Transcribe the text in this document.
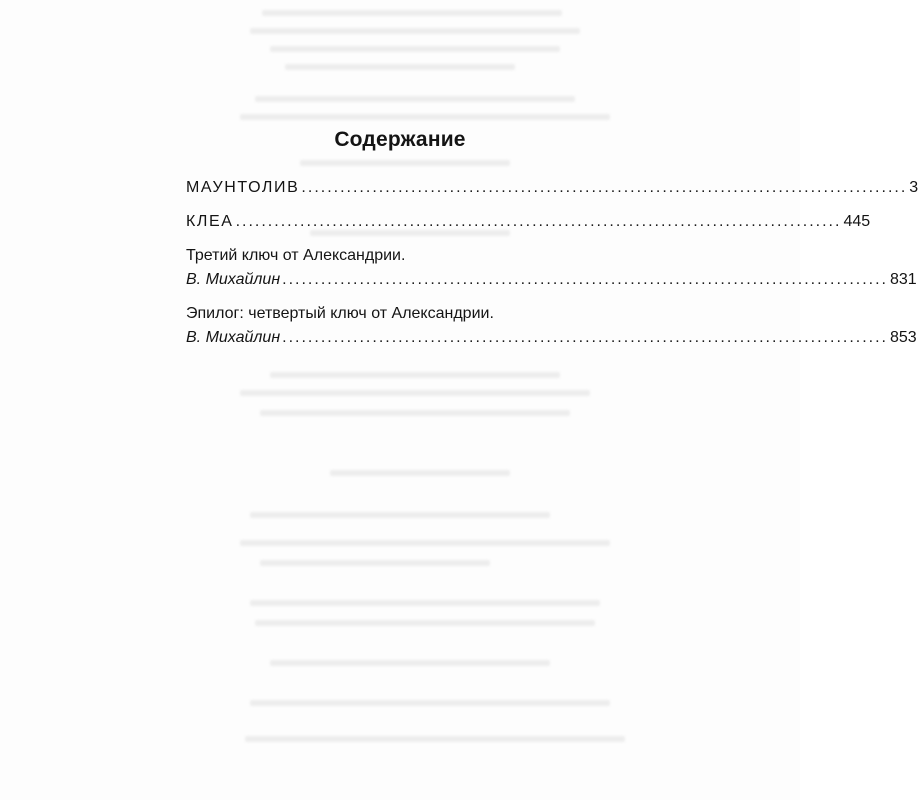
Содержание
МАУНТОЛИВ .............................................................................................. 3
КЛЕА .............................................................................................. 445
Третий ключ от Александрии.
В. Михайлин .............................................................................................. 831
Эпилог: четвертый ключ от Александрии.
В. Михайлин .............................................................................................. 853
